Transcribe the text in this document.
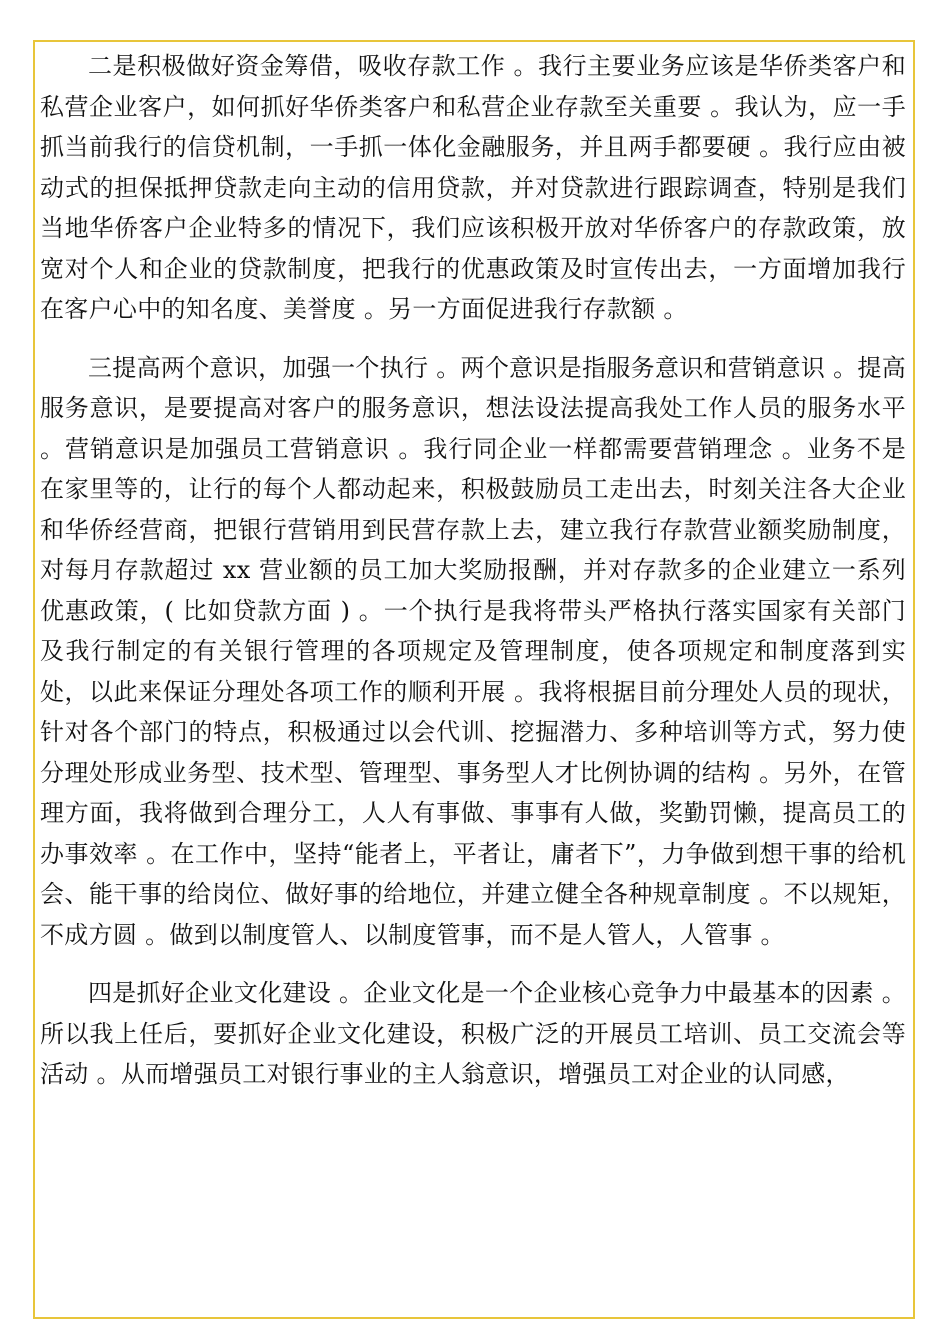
二是积极做好资金筹借，吸收存款工作 。我行主要业务应该是华侨类客户和私营企业客户，如何抓好华侨类客户和私营企业存款至关重要 。我认为，应一手抓当前我行的信贷机制，一手抓一体化金融服务，并且两手都要硬 。我行应由被动式的担保抵押贷款走向主动的信用贷款，并对贷款进行跟踪调查，特别是我们当地华侨客户企业特多的情况下，我们应该积极开放对华侨客户的存款政策，放宽对个人和企业的贷款制度，把我行的优惠政策及时宣传出去，一方面增加我行在客户心中的知名度、美誉度 。另一方面促进我行存款额 。

三提高两个意识，加强一个执行 。两个意识是指服务意识和营销意识 。提高服务意识，是要提高对客户的服务意识，想法设法提高我处工作人员的服务水平 。营销意识是加强员工营销意识 。我行同企业一样都需要营销理念 。业务不是在家里等的，让行的每个人都动起来，积极鼓励员工走出去，时刻关注各大企业和华侨经营商，把银行营销用到民营存款上去，建立我行存款营业额奖励制度，对每月存款超过 xx 营业额的员工加大奖励报酬，并对存款多的企业建立一系列优惠政策，( 比如贷款方面 ) 。一个执行是我将带头严格执行落实国家有关部门及我行制定的有关银行管理的各项规定及管理制度，使各项规定和制度落到实处，以此来保证分理处各项工作的顺利开展 。我将根据目前分理处人员的现状，针对各个部门的特点，积极通过以会代训、挖掘潜力、多种培训等方式，努力使分理处形成业务型、技术型、管理型、事务型人才比例协调的结构 。另外，在管理方面，我将做到合理分工，人人有事做、事事有人做，奖勤罚懒，提高员工的办事效率 。在工作中，坚持“能者上，平者让，庸者下”，力争做到想干事的给机会、能干事的给岗位、做好事的给地位，并建立健全各种规章制度 。不以规矩，不成方圆 。做到以制度管人、以制度管事，而不是人管人，人管事 。

四是抓好企业文化建设 。企业文化是一个企业核心竞争力中最基本的因素 。所以我上任后，要抓好企业文化建设，积极广泛的开展员工培训、员工交流会等活动 。从而增强员工对银行事业的主人翁意识，增强员工对企业的认同感，
